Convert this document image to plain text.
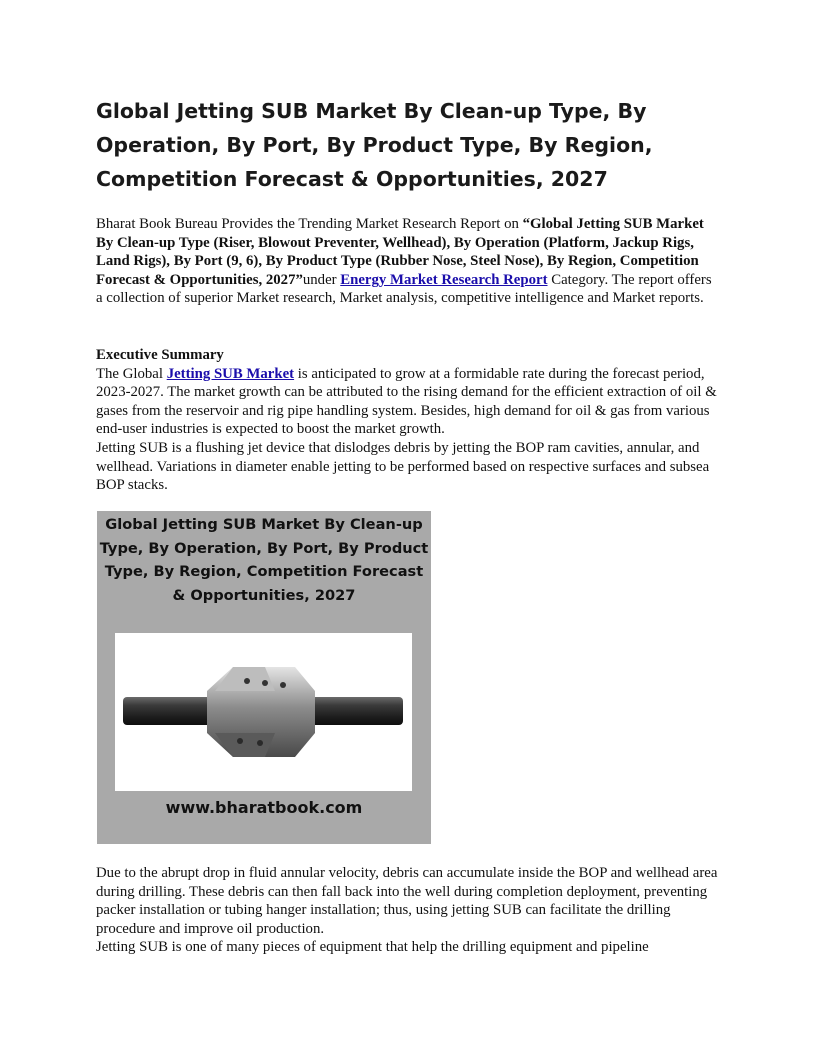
Global Jetting SUB Market By Clean-up Type, By Operation, By Port, By Product Type, By Region, Competition Forecast & Opportunities, 2027

Bharat Book Bureau Provides the Trending Market Research Report on “Global Jetting SUB Market By Clean-up Type (Riser, Blowout Preventer, Wellhead), By Operation (Platform, Jackup Rigs, Land Rigs), By Port (9, 6), By Product Type (Rubber Nose, Steel Nose), By Region, Competition Forecast & Opportunities, 2027”under Energy Market Research Report Category. The report offers a collection of superior Market research, Market analysis, competitive intelligence and Market reports.

Executive Summary

The Global Jetting SUB Market is anticipated to grow at a formidable rate during the forecast period, 2023-2027. The market growth can be attributed to the rising demand for the efficient extraction of oil & gases from the reservoir and rig pipe handling system. Besides, high demand for oil & gas from various end-user industries is expected to boost the market growth.

Jetting SUB is a flushing jet device that dislodges debris by jetting the BOP ram cavities, annular, and wellhead. Variations in diameter enable jetting to be performed based on respective surfaces and subsea BOP stacks.

Global Jetting SUB Market By Clean-up Type, By Operation, By Port, By Product Type, By Region, Competition Forecast & Opportunities, 2027
www.bharatbook.com

Due to the abrupt drop in fluid annular velocity, debris can accumulate inside the BOP and wellhead area during drilling. These debris can then fall back into the well during completion deployment, preventing packer installation or tubing hanger installation; thus, using jetting SUB can facilitate the drilling procedure and improve oil production.

Jetting SUB is one of many pieces of equipment that help the drilling equipment and pipeline
